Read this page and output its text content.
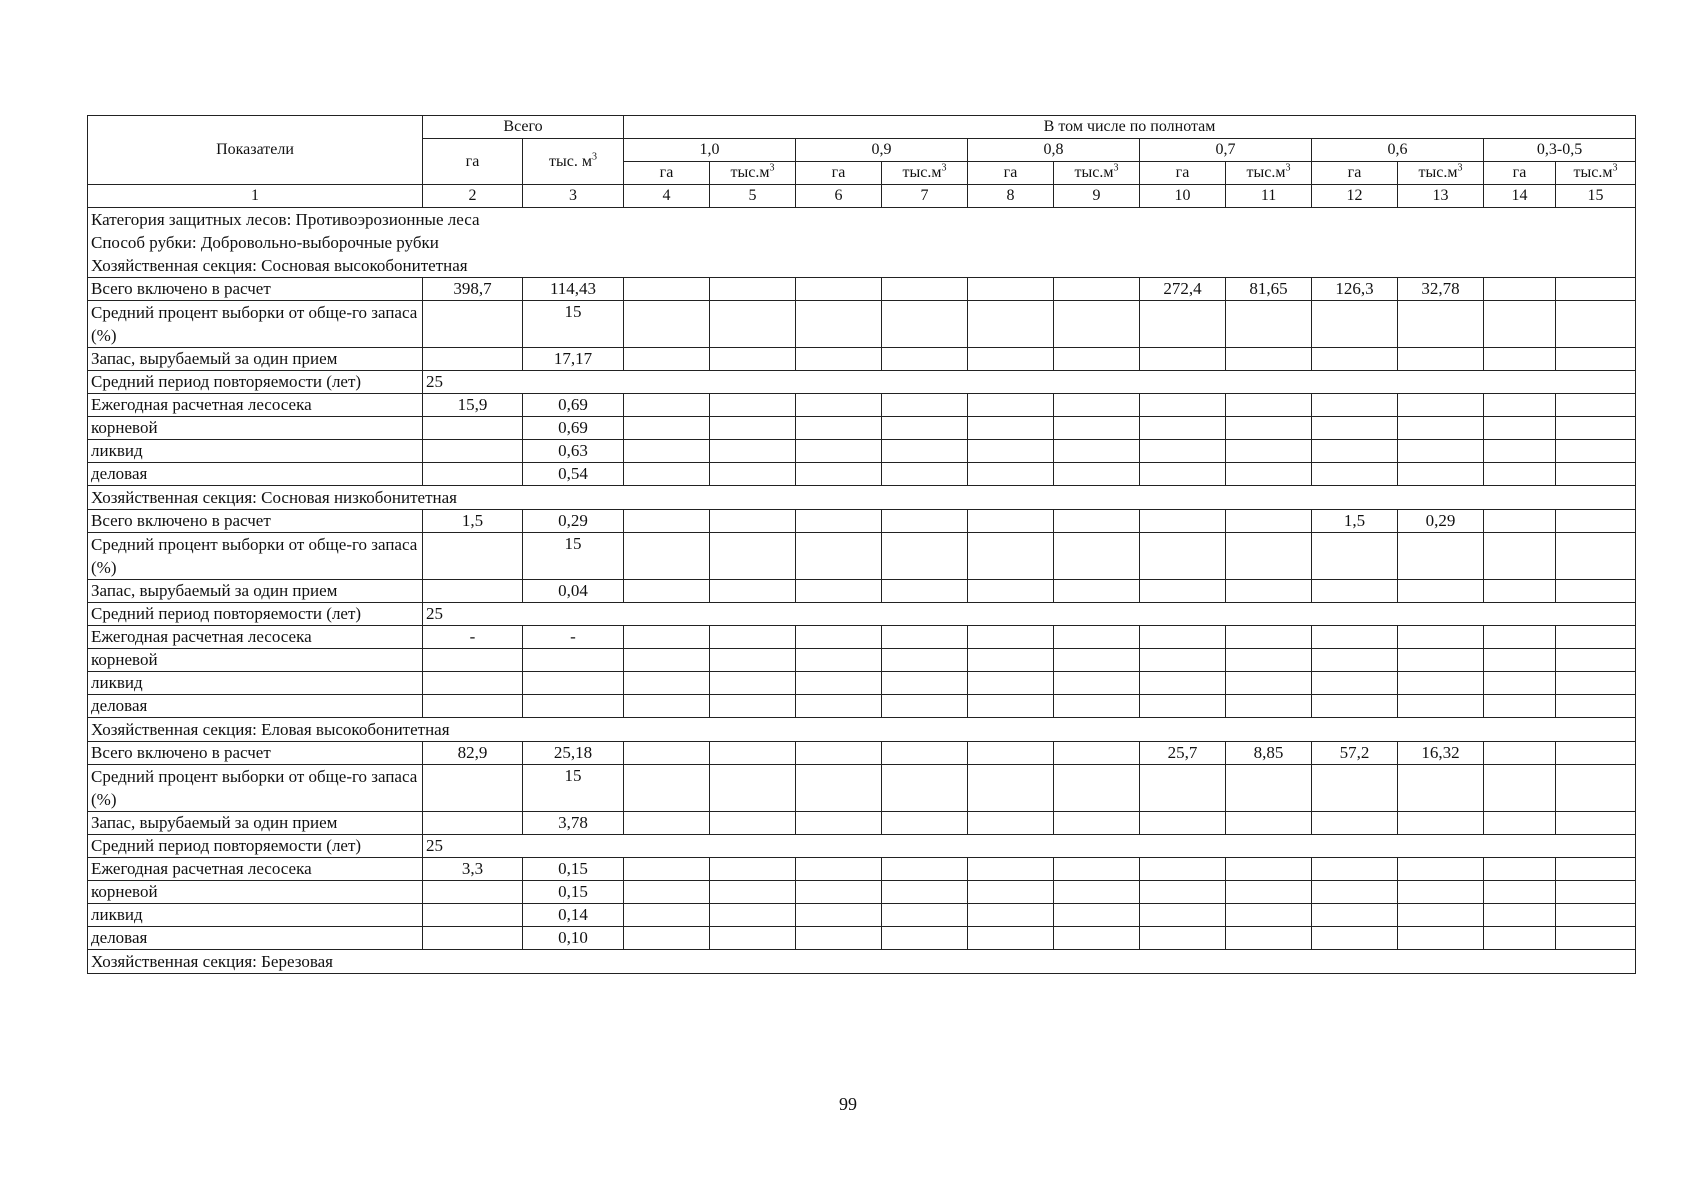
Показатели	Всего		В том числе по полнотам											
	га	тыс. $м^3$	1,0		0,9		0,8		0,7		0,6		0,3-0,5	
			га	$тыс.м^3$	га	$тыс.м^3$	га	$тыс.м^3$	га	$тыс.м^3$	га	$тыс.м^3$	га	$тыс.м^3$
1	2	3	4	5	6	7	8	9	10	11	12	13	14	15
Категория защитных лесов: Противоэрозионные леса
Способ рубки: Добровольно-выборочные рубки
Хозяйственная секция: Сосновая высокобонитетная														
Всего включено в расчет	398,7	114,43							272,4	81,65	126,3	32,78		
Средний процент выборки от обще-го запаса (%)		15												
Запас, вырубаемый за один прием		17,17												
Средний период повторяемости (лет)	25													
Ежегодная расчетная лесосека	15,9	0,69												
корневой		0,69												
ликвид		0,63												
деловая		0,54												
Хозяйственная секция: Сосновая низкобонитетная														
Всего включено в расчет	1,5	0,29									1,5	0,29		
Средний процент выборки от обще-го запаса (%)		15												
Запас, вырубаемый за один прием		0,04												
Средний период повторяемости (лет)	25													
Ежегодная расчетная лесосека	-	-												
корневой														
ликвид														
деловая														
Хозяйственная секция: Еловая высокобонитетная														
Всего включено в расчет	82,9	25,18							25,7	8,85	57,2	16,32		
Средний процент выборки от обще-го запаса (%)		15												
Запас, вырубаемый за один прием		3,78												
Средний период повторяемости (лет)	25													
Ежегодная расчетная лесосека	3,3	0,15												
корневой		0,15												
ликвид		0,14												
деловая		0,10												
Хозяйственная секция: Березовая														
99
